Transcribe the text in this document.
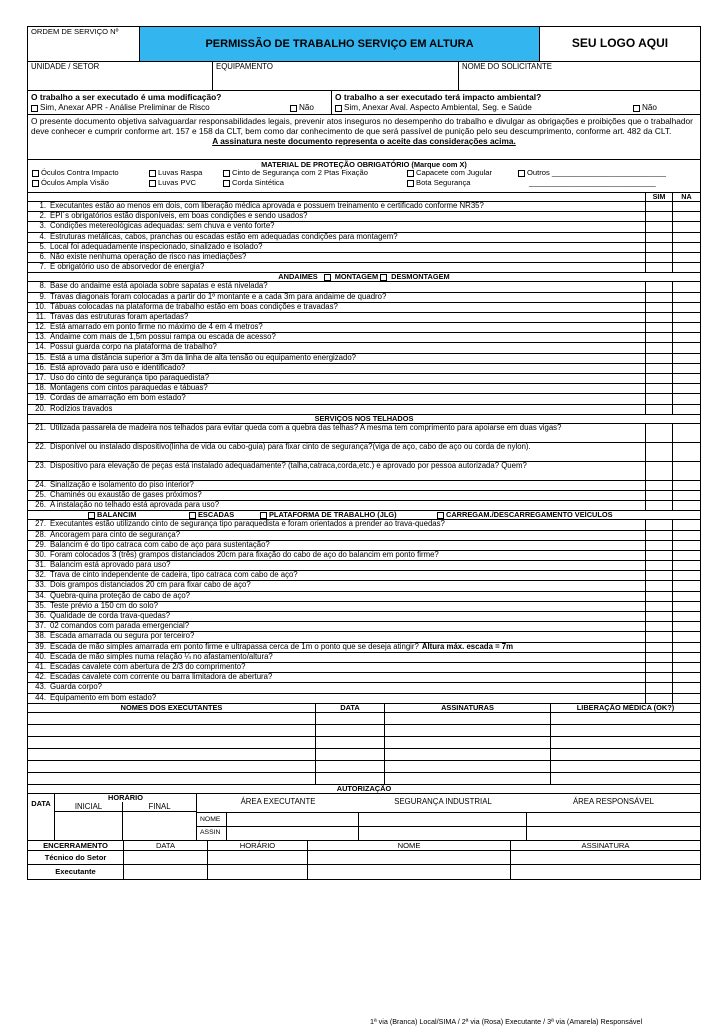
ORDEM DE SERVIÇO Nº
PERMISSÃO DE TRABALHO SERVIÇO EM ALTURA	SEU LOGO AQUI
UNIDADE / SETOR	EQUIPAMENTO	NOME DO SOLICITANTE
O trabalho a ser executado é uma modificação?
Sim, Anexar APR - Análise Preliminar de Risco	Não
O trabalho a ser executado terá impacto ambiental?
Sim, Anexar Aval. Aspecto Ambiental, Seg. e Saúde	Não
O presente documento objetiva salvaguardar responsabilidades legais, prevenir atos inseguros no desempenho do trabalho e divulgar as obrigações e proibições que o trabalhador deve conhecer e cumprir conforme art. 157 e 158 da CLT, bem como dar conhecimento de que será passível de punição pelo seu descumprimento, conforme art. 482 da CLT.
A assinatura neste documento representa o aceite das considerações acima.
MATERIAL DE PROTEÇÃO OBRIGATÓRIO (Marque com X)
Óculos Contra Impacto
Óculos Ampla Visão
Luvas Raspa
Luvas PVC
Cinto de Segurança com 2 Ptas Fixação
Corda Sintética
Capacete com Jugular
Bota Segurança
Outros ___________________________
______________________________
SIM	NA
1. Executantes estão ao menos em dois, com liberação médica aprovada e possuem treinamento e certificado conforme NR35?
2. EPI´s obrigatórios estão disponíveis, em boas condições e sendo usados?
3. Condições metereológicas adequadas: sem chuva e vento forte?
4. Estruturas metálicas, cabos, pranchas ou escadas estão em adequadas condições para montagem?
5. Local foi adequadamente inspecionado, sinalizado e isolado?
6. Não existe nenhuma operação de risco nas imediações?
7. É obrigatório uso de absorvedor de energia?
ANDAIMES MONTAGEM DESMONTAGEM
8. Base do andaime está apoiada sobre sapatas e está nivelada?
9. Travas diagonais foram colocadas a partir do 1º montante e a cada 3m para andaime de quadro?
10. Tábuas colocadas na plataforma de trabalho estão em boas condições e travadas?
11. Travas das estruturas foram apertadas?
12. Está amarrado em ponto firme no máximo de 4 em 4 metros?
13. Andaime com mais de 1,5m possui rampa ou escada de acesso?
14. Possui guarda corpo na plataforma de trabalho?
15. Está a uma distância superior a 3m da linha de alta tensão ou equipamento energizado?
16. Está aprovado para uso e identificado?
17. Uso do cinto de segurança tipo paraquedista?
18. Montagens com cintos paraquedas e tábuas?
19. Cordas de amarração em bom estado?
20. Rodízios travados
SERVIÇOS NOS TELHADOS
21. Utilizada passarela de madeira nos telhados para evitar queda com a quebra das telhas? A mesma tem comprimento para apoiarse em duas vigas?
22. Disponível ou instalado dispositivo(linha de vida ou cabo-guia) para fixar cinto de segurança?(viga de aço, cabo de aço ou corda de nylon).
23. Dispositivo para elevação de peças está instalado adequadamente? (talha,catraca,corda,etc.) e aprovado por pessoa autorizada? Quem?
24. Sinalização e isolamento do piso interior?
25. Chaminés ou exaustão de gases próximos?
26. A instalação no telhado está aprovada para uso?
BALANCIM	ESCADAS	PLATAFORMA DE TRABALHO (JLG)	CARREGAM./DESCARREGAMENTO VEÍCULOS
27. Executantes estão utilizando cinto de segurança tipo paraquedista e foram orientados a prender ao trava-quedas?
28. Ancoragem para cinto de segurança?
29. Balancim é do tipo catraca com cabo de aço para sustentação?
30. Foram colocados 3 (três) grampos distanciados 20cm para fixação do cabo de aço do balancim em ponto firme?
31. Balancim está aprovado para uso?
32. Trava de cinto independente de cadeira, tipo catraca com cabo de aço?
33. Dois grampos distanciados 20 cm para fixar cabo de aço?
34. Quebra-quina proteção de cabo de aço?
35. Teste prévio a 150 cm do solo?
36. Qualidade de corda trava-quedas?
37. 02 comandos com parada emergencial?
38. Escada amarrada ou segura por terceiro?
39. Escada de mão simples amarrada em ponto firme e ultrapassa cerca de 1m o ponto que se deseja atingir? Altura máx. escada = 7m
40. Escada de mão simples numa relação ¼ no afastamento/altura?
41. Escadas cavalete com abertura de 2/3 do comprimento?
42. Escadas cavalete com corrente ou barra limitadora de abertura?
43. Guarda corpo?
44. Equipamento em bom estado?
NOMES DOS EXECUTANTES	DATA	ASSINATURAS	LIBERAÇÃO MÉDICA (OK?)
AUTORIZAÇÃO
DATA
HORÁRIO
INICIAL	FINAL	ÁREA EXECUTANTE	SEGURANÇA INDUSTRIAL	ÁREA RESPONSÁVEL
NOME
ASSIN
ENCERRAMENTO	DATA	HORÁRIO	NOME	ASSINATURA
Técnico do Setor
Executante
1ª via (Branca) Local/SIMA / 2ª via (Rosa) Executante / 3ª via (Amarela) Responsável
